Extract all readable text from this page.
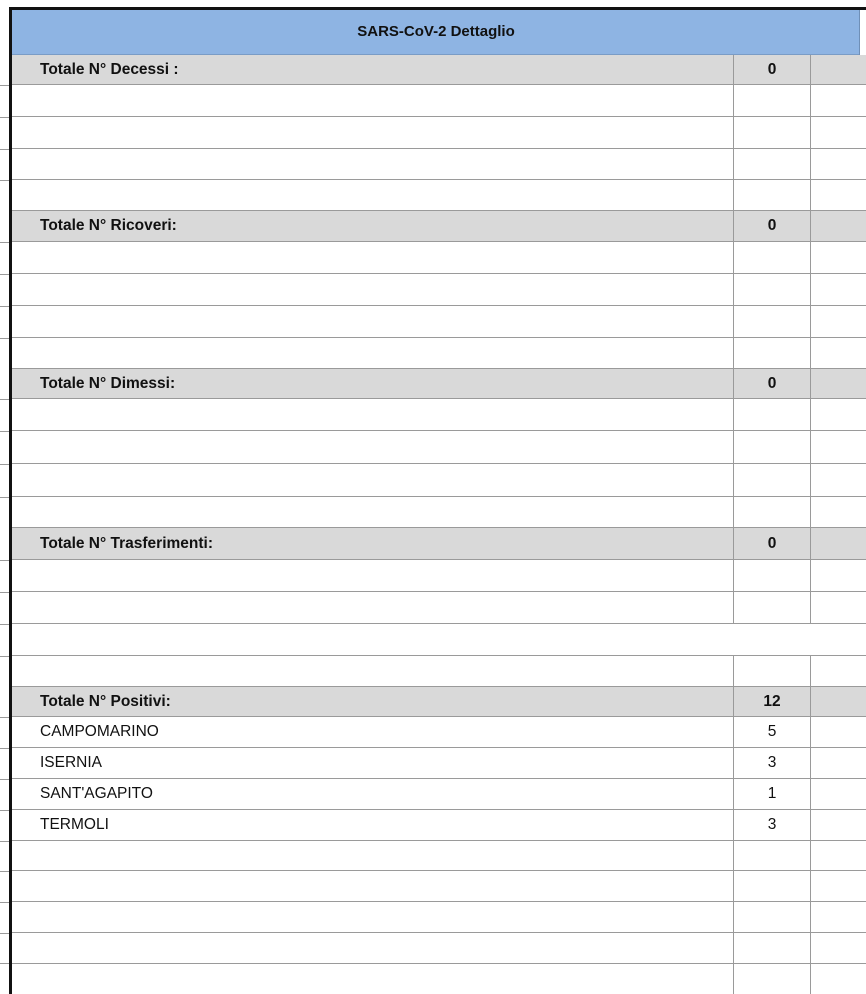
SARS-CoV-2 Dettaglio
Totale N° Decessi :	0
Totale N° Ricoveri:	0
Totale N° Dimessi:	0
Totale N° Trasferimenti:	0
Totale N° Positivi:	12
CAMPOMARINO	5
ISERNIA	3
SANT'AGAPITO	1
TERMOLI	3
